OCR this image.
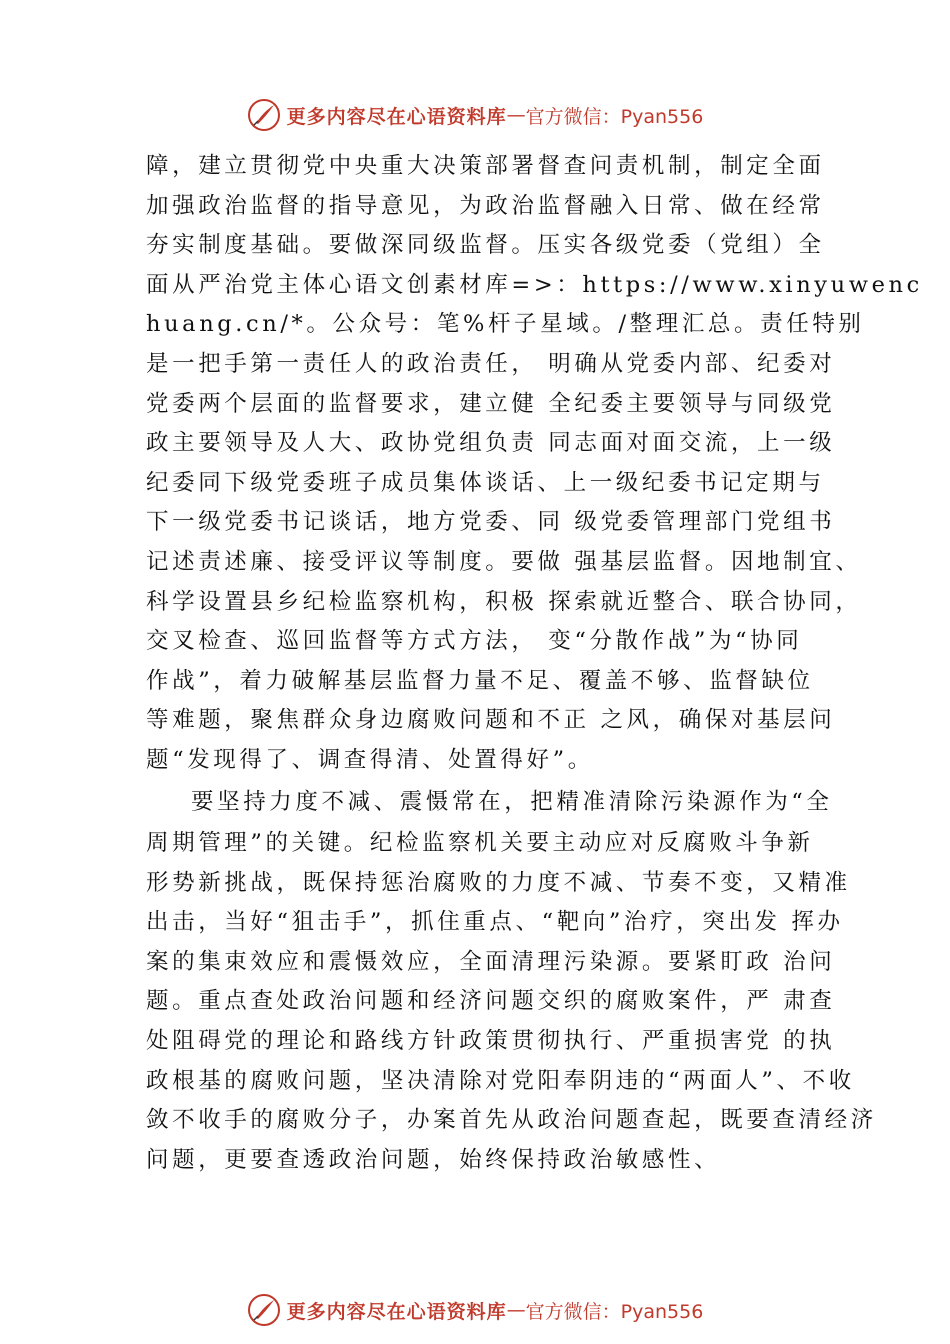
更多内容尽在心语资料库 — 官方微信：Pyan556
障，建立贯彻党中央重大决策部署督查问责机制，制定全面
加强政治监督的指导意见，为政治监督融入日常、做在经常
夯实制度基础。要做深同级监督。压实各级党委（党组）全
面从严治党主体心语文创素材库=>：https://www.xinyuwenc
huang.cn/*。公众号：笔%杆子星域。/整理汇总。责任特别
是一把手第一责任人的政治责任， 明确从党委内部、纪委对
党委两个层面的监督要求，建立健 全纪委主要领导与同级党
政主要领导及人大、政协党组负责 同志面对面交流，上一级
纪委同下级党委班子成员集体谈话、上一级纪委书记定期与
下一级党委书记谈话，地方党委、同 级党委管理部门党组书
记述责述廉、接受评议等制度。要做 强基层监督。因地制宜、
科学设置县乡纪检监察机构，积极 探索就近整合、联合协同，
交叉检查、巡回监督等方式方法， 变“分散作战”为“协同
作战”，着力破解基层监督力量不足、覆盖不够、监督缺位
等难题，聚焦群众身边腐败问题和不正 之风，确保对基层问
题“发现得了、调查得清、处置得好”。
要坚持力度不减、震慑常在，把精准清除污染源作为“全
周期管理”的关键。纪检监察机关要主动应对反腐败斗争新
形势新挑战，既保持惩治腐败的力度不减、节奏不变，又精准
出击，当好“狙击手”，抓住重点、“靶向”治疗，突出发 挥办
案的集束效应和震慑效应，全面清理污染源。要紧盯政 治问
题。重点查处政治问题和经济问题交织的腐败案件，严 肃查
处阻碍党的理论和路线方针政策贯彻执行、严重损害党 的执
政根基的腐败问题，坚决清除对党阳奉阴违的“两面人”、不收
敛不收手的腐败分子，办案首先从政治问题查起，既要查清经济
问题，更要查透政治问题，始终保持政治敏感性、
更多内容尽在心语资料库 — 官方微信：Pyan556
